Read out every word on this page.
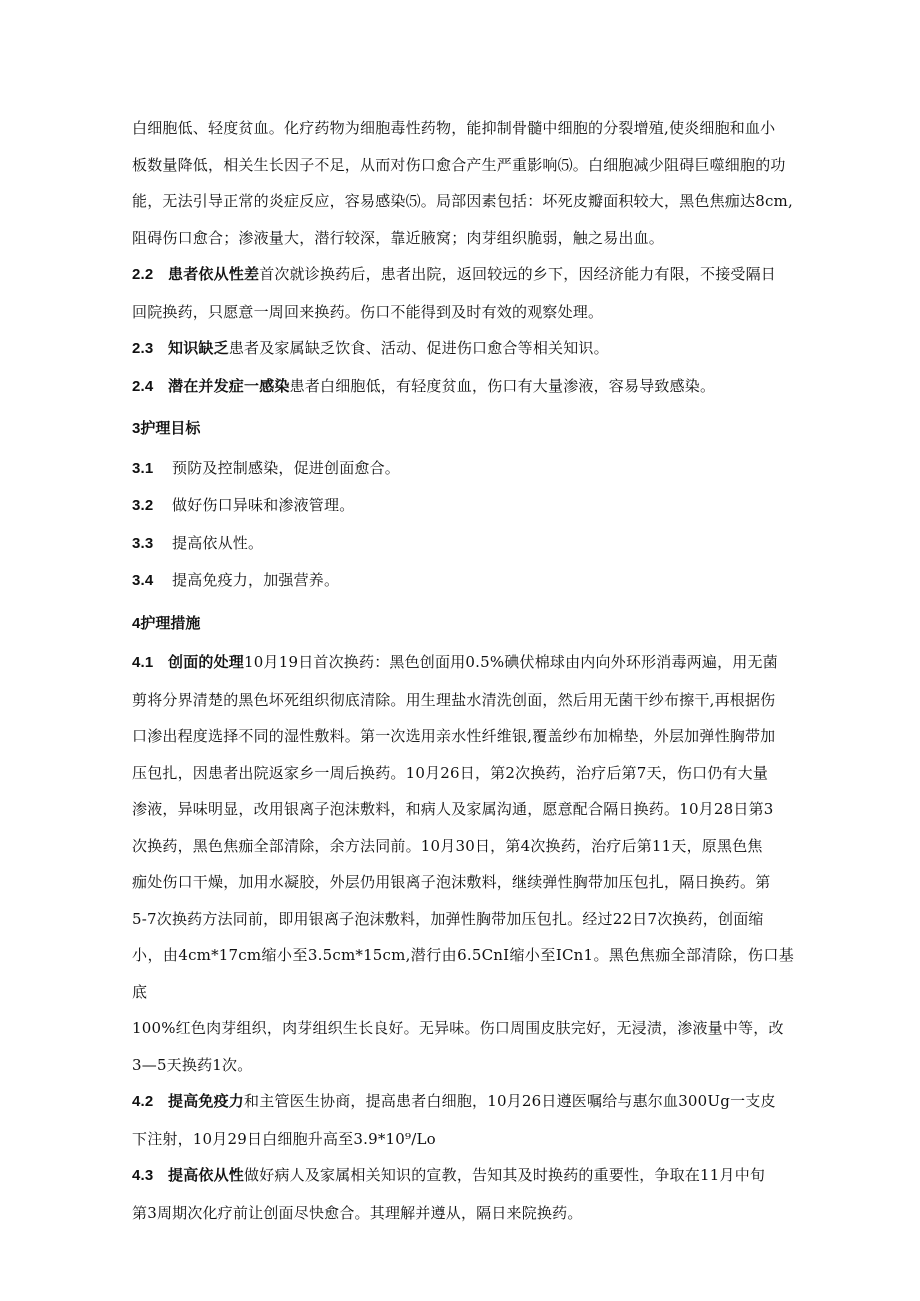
白细胞低、轻度贫血。化疗药物为细胞毒性药物，能抑制骨髓中细胞的分裂增殖,使炎细胞和血小

板数量降低，相关生长因子不足，从而对伤口愈合产生严重影响⑸。白细胞减少阻碍巨噬细胞的功

能，无法引导正常的炎症反应，容易感染⑸。局部因素包括：坏死皮瓣面积较大，黑色焦痂达8cm,

阻碍伤口愈合；渗液量大，潜行较深，靠近腋窝；肉芽组织脆弱，触之易出血。

2.2 患者依从性差首次就诊换药后，患者出院，返回较远的乡下，因经济能力有限，不接受隔日

回院换药，只愿意一周回来换药。伤口不能得到及时有效的观察处理。

2.3 知识缺乏患者及家属缺乏饮食、活动、促进伤口愈合等相关知识。

2.4 潜在并发症一感染患者白细胞低，有轻度贫血，伤口有大量渗液，容易导致感染。

3护理目标

3.1 预防及控制感染，促进创面愈合。

3.2 做好伤口异味和渗液管理。

3.3 提高依从性。

3.4 提高免疫力，加强营养。

4护理措施

4.1 创面的处理10月19日首次换药：黑色创面用0.5%碘伏棉球由内向外环形消毒两遍，用无菌

剪将分界清楚的黑色坏死组织彻底清除。用生理盐水清洗创面，然后用无菌干纱布擦干,再根据伤

口渗出程度选择不同的湿性敷料。第一次选用亲水性纤维银,覆盖纱布加棉垫，外层加弹性胸带加

压包扎，因患者出院返家乡一周后换药。10月26日，第2次换药，治疗后第7天，伤口仍有大量

渗液，异味明显，改用银离子泡沫敷料，和病人及家属沟通，愿意配合隔日换药。10月28日第3

次换药，黑色焦痂全部清除，余方法同前。10月30日，第4次换药，治疗后第11天，原黑色焦

痂处伤口干燥，加用水凝胶，外层仍用银离子泡沫敷料，继续弹性胸带加压包扎，隔日换药。第

5-7次换药方法同前，即用银离子泡沫敷料，加弹性胸带加压包扎。经过22日7次换药，创面缩

小，由4cm*17cm缩小至3.5cm*15cm,潜行由6.5CnI缩小至ICn1。黑色焦痂全部清除，伤口基底

100%红色肉芽组织，肉芽组织生长良好。无异味。伤口周围皮肤完好，无浸渍，渗液量中等，改

3—5天换药1次。

4.2 提高免疫力和主管医生协商，提高患者白细胞，10月26日遵医嘱给与惠尔血300Ug一支皮

下注射，10月29日白细胞升高至3.9*10⁹/Lo

4.3 提高依从性做好病人及家属相关知识的宣教，告知其及时换药的重要性，争取在11月中旬

第3周期次化疗前让创面尽快愈合。其理解并遵从，隔日来院换药。
